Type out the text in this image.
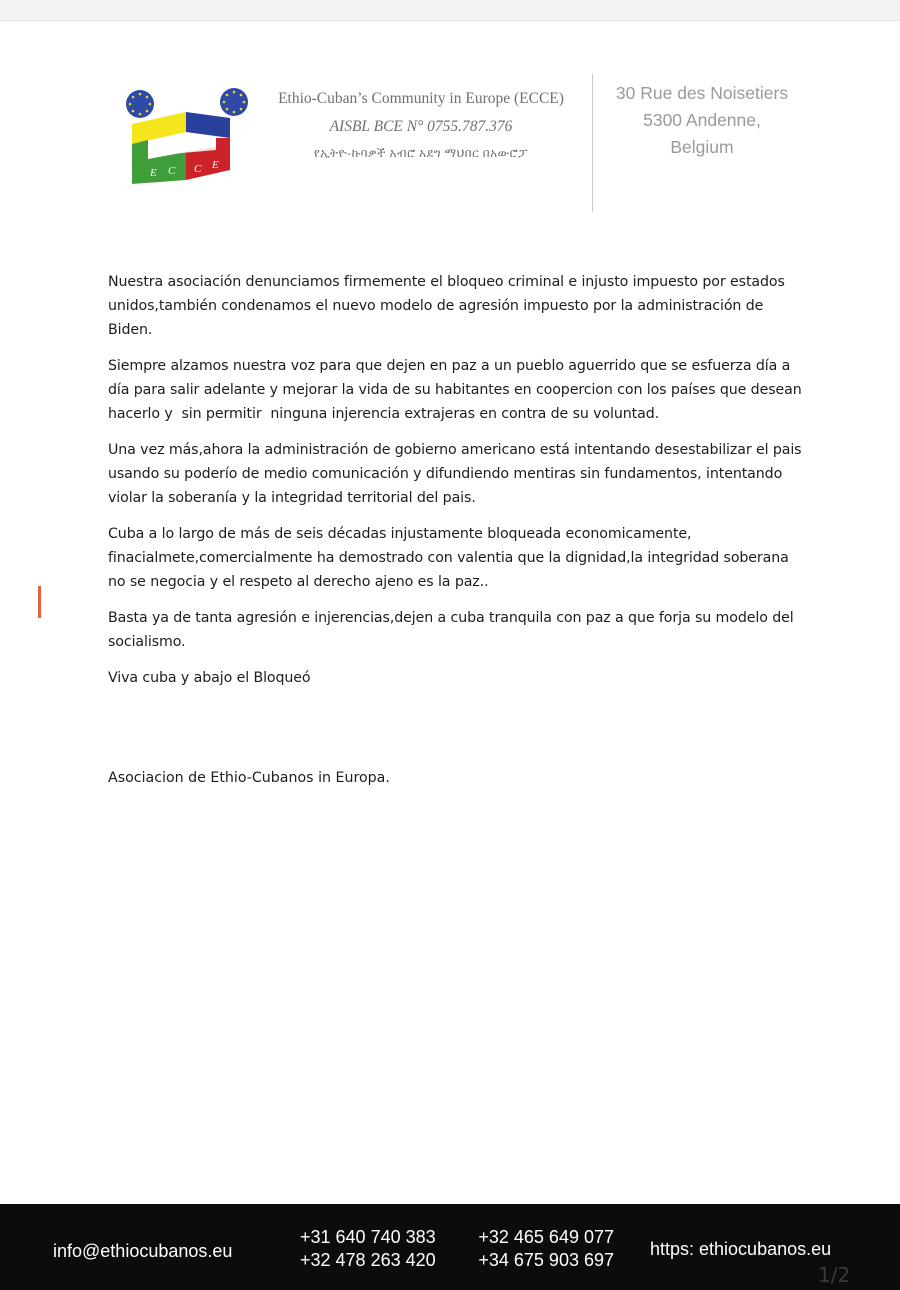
E C C E
Ethio-Cuban’s Community in Europe (ECCE)
AISBL BCE N° 0755.787.376
የኢትዮ-ኩባዎች አብሮ አደግ ማህበር በአውሮፓ
30 Rue des Noisetiers
5300 Andenne,
Belgium

Nuestra asociación denunciamos firmemente el bloqueo criminal e injusto impuesto por estados unidos,también condenamos el nuevo modelo de agresión impuesto por la administración de Biden.

Siempre alzamos nuestra voz para que dejen en paz a un pueblo aguerrido que se esfuerza día a día para salir adelante y mejorar la vida de su habitantes en coopercion con los países que desean hacerlo y  sin permitir  ninguna injerencia extrajeras en contra de su voluntad.

Una vez más,ahora la administración de gobierno americano está intentando desestabilizar el pais usando su poderío de medio comunicación y difundiendo mentiras sin fundamentos, intentando violar la soberanía y la integridad territorial del pais.

Cuba a lo largo de más de seis décadas injustamente bloqueada economicamente, finacialmete,comercialmente ha demostrado con valentia que la dignidad,la integridad soberana no se negocia y el respeto al derecho ajeno es la paz..

Basta ya de tanta agresión e injerencias,dejen a cuba tranquila con paz a que forja su modelo del socialismo.

Viva cuba y abajo el Bloqueó

Asociacion de Ethio-Cubanos in Europa.
info@ethiocubanos.eu
+31 640 740 383	+32 465 649 077
+32 478 263 420	+34 675 903 697
https: ethiocubanos.eu
1/2
